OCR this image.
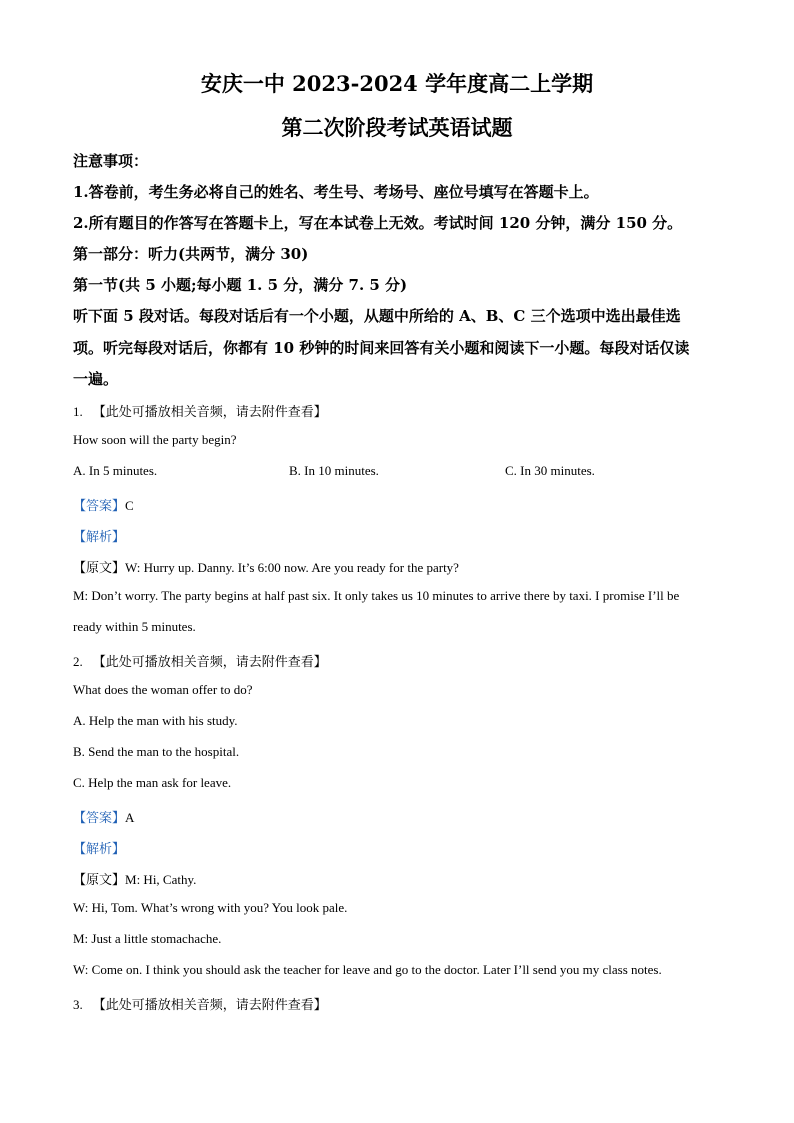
安庆一中 2023-2024 学年度高二上学期
第二次阶段考试英语试题
注意事项：
1.答卷前，考生务必将自己的姓名、考生号、考场号、座位号填写在答题卡上。
2.所有题目的作答写在答题卡上，写在本试卷上无效。考试时间 120 分钟，满分 150 分。
第一部分：听力(共两节，满分 30)
第一节(共 5 小题;每小题 1. 5 分，满分 7. 5 分)
听下面 5 段对话。每段对话后有一个小题，从题中所给的 A、B、C 三个选项中选出最佳选
项。听完每段对话后，你都有 10 秒钟的时间来回答有关小题和阅读下一小题。每段对话仅读
一遍。
1. 【此处可播放相关音频，请去附件查看】
How soon will the party begin?
A. In 5 minutes.	B. In 10 minutes.	C. In 30 minutes.
【答案】C
【解析】
【原文】W: Hurry up. Danny. It’s 6:00 now. Are you ready for the party?
M: Don’t worry. The party begins at half past six. It only takes us 10 minutes to arrive there by taxi. I promise I’ll be
ready within 5 minutes.
2. 【此处可播放相关音频，请去附件查看】
What does the woman offer to do?
A. Help the man with his study.
B. Send the man to the hospital.
C. Help the man ask for leave.
【答案】A
【解析】
【原文】M: Hi, Cathy.
W: Hi, Tom. What’s wrong with you? You look pale.
M: Just a little stomachache.
W: Come on. I think you should ask the teacher for leave and go to the doctor. Later I’ll send you my class notes.
3. 【此处可播放相关音频，请去附件查看】
